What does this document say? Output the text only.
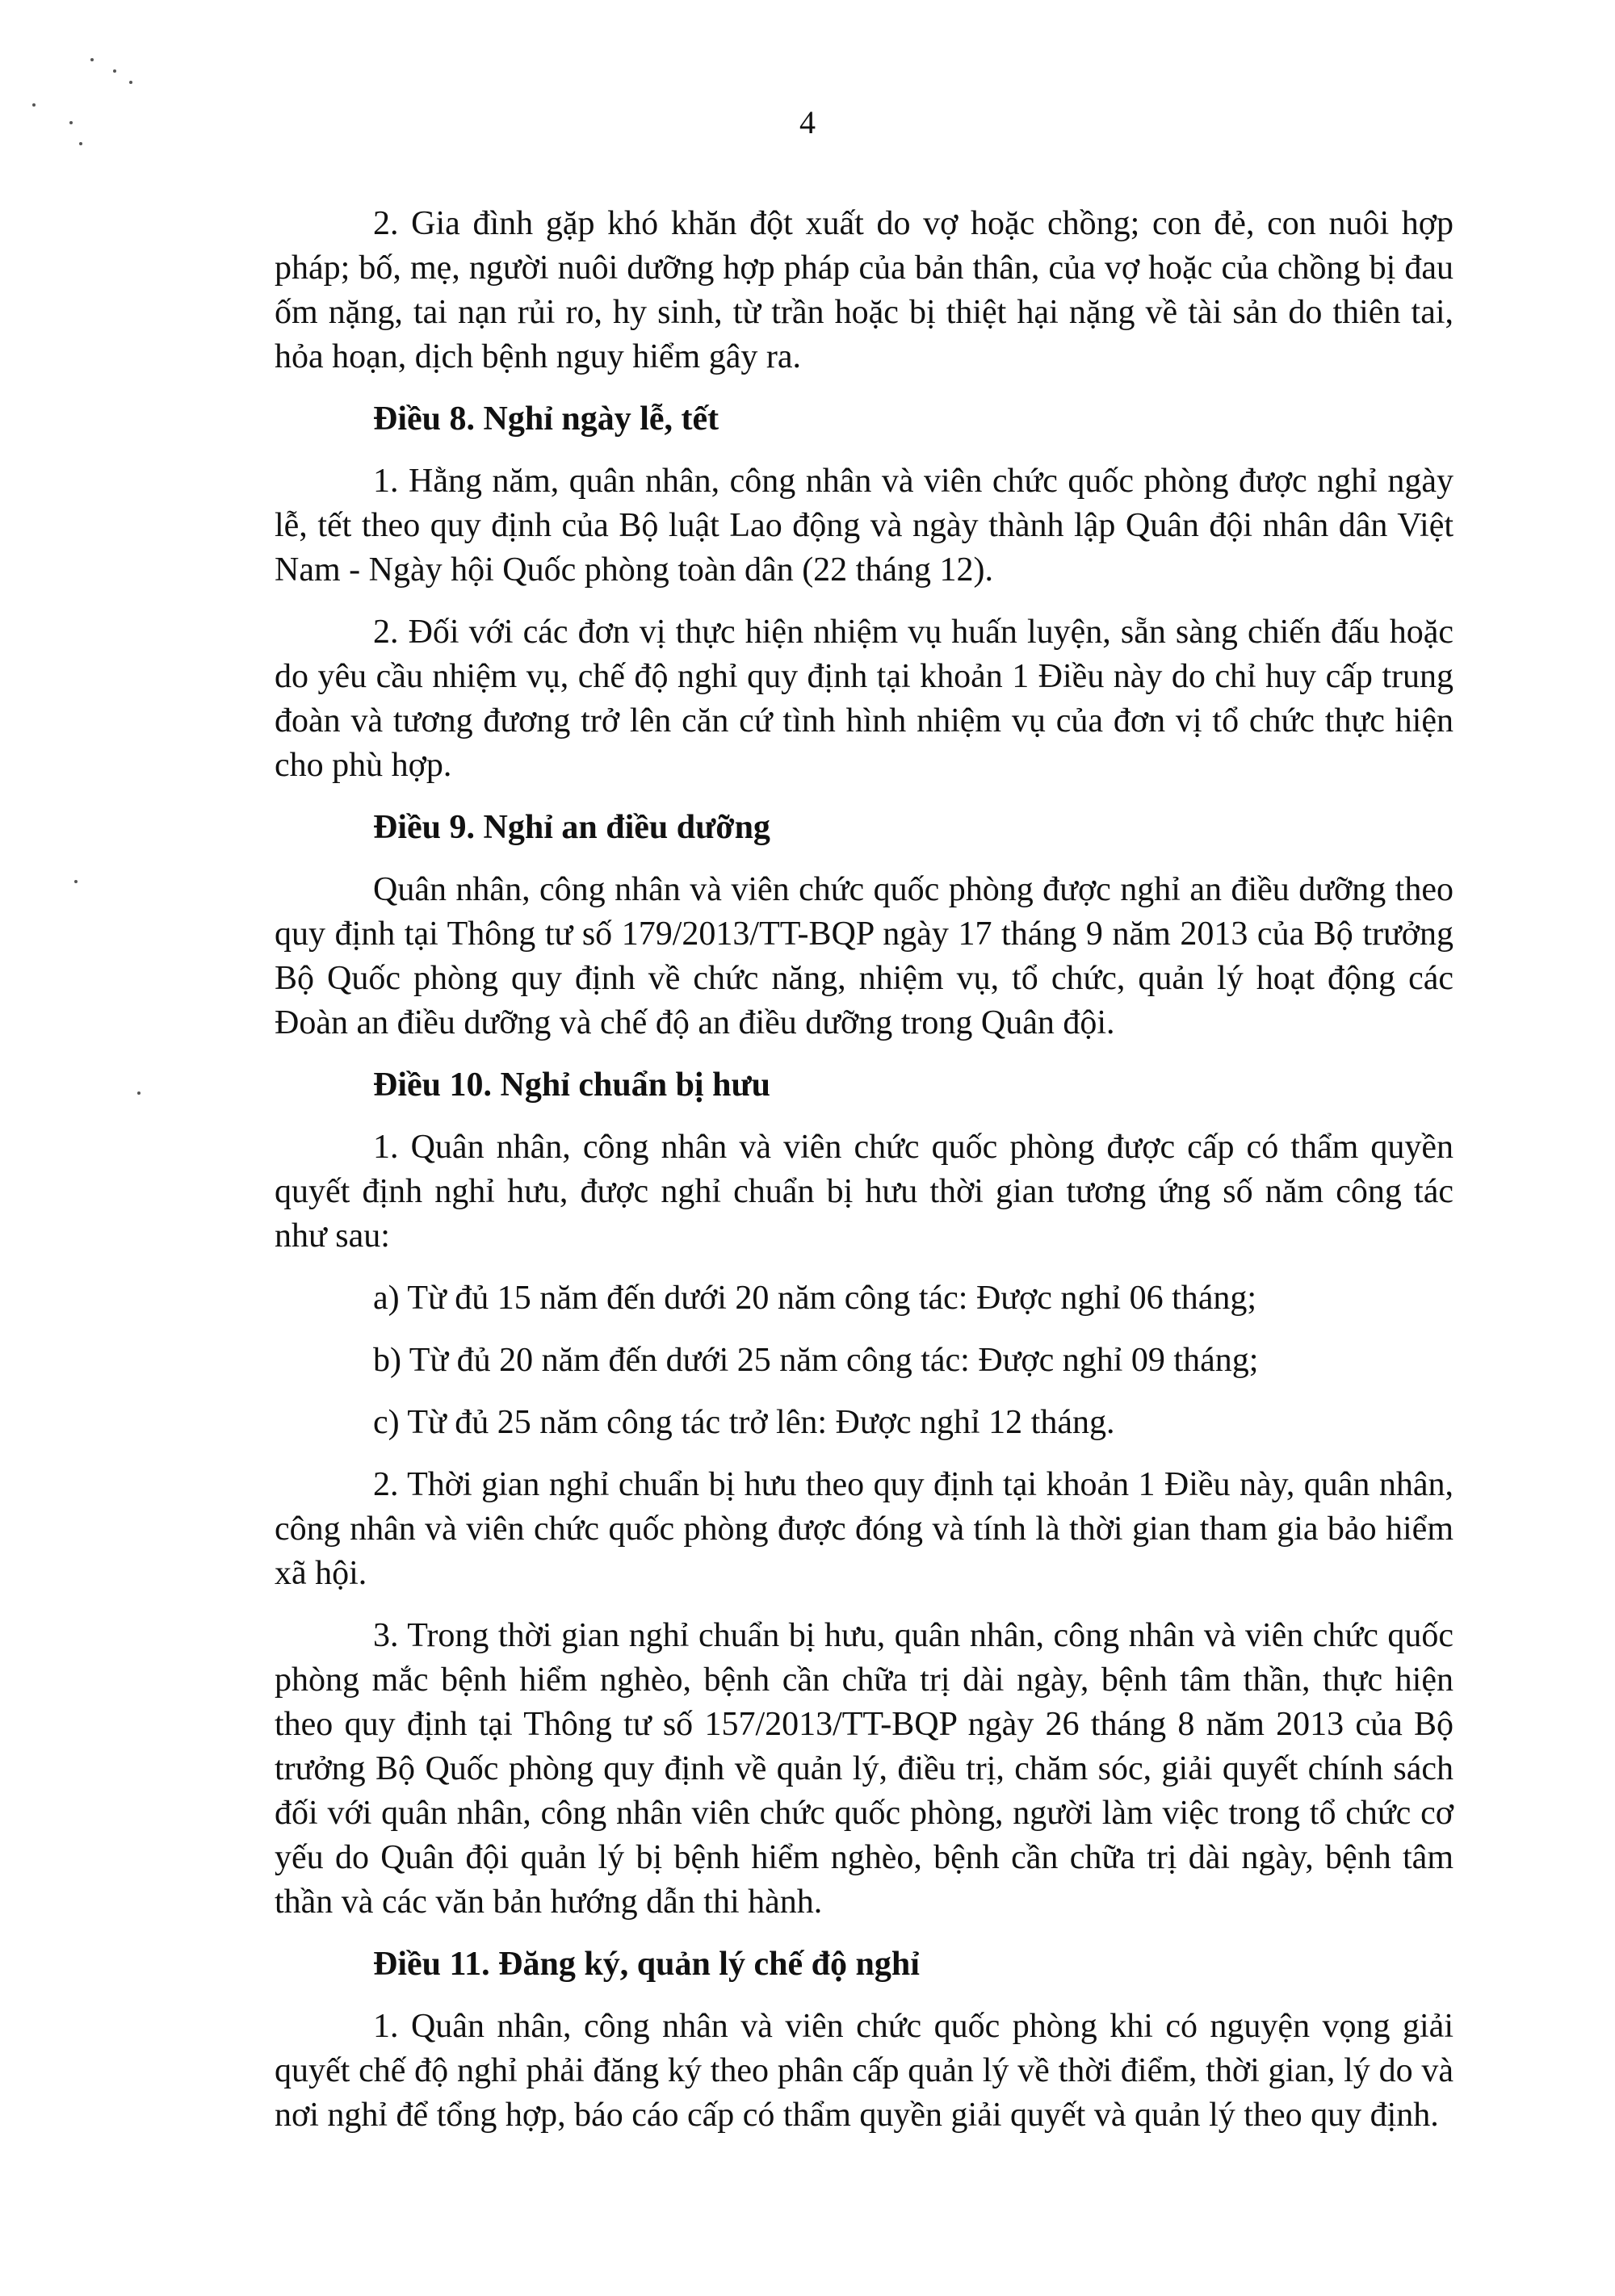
4

2. Gia đình gặp khó khăn đột xuất do vợ hoặc chồng; con đẻ, con nuôi hợp pháp; bố, mẹ, người nuôi dưỡng hợp pháp của bản thân, của vợ hoặc của chồng bị đau ốm nặng, tai nạn rủi ro, hy sinh, từ trần hoặc bị thiệt hại nặng về tài sản do thiên tai, hỏa hoạn, dịch bệnh nguy hiểm gây ra.

Điều 8. Nghỉ ngày lễ, tết

1. Hằng năm, quân nhân, công nhân và viên chức quốc phòng được nghỉ ngày lễ, tết theo quy định của Bộ luật Lao động và ngày thành lập Quân đội nhân dân Việt Nam - Ngày hội Quốc phòng toàn dân (22 tháng 12).

2. Đối với các đơn vị thực hiện nhiệm vụ huấn luyện, sẵn sàng chiến đấu hoặc do yêu cầu nhiệm vụ, chế độ nghỉ quy định tại khoản 1 Điều này do chỉ huy cấp trung đoàn và tương đương trở lên căn cứ tình hình nhiệm vụ của đơn vị tổ chức thực hiện cho phù hợp.

Điều 9. Nghỉ an điều dưỡng

Quân nhân, công nhân và viên chức quốc phòng được nghỉ an điều dưỡng theo quy định tại Thông tư số 179/2013/TT-BQP ngày 17 tháng 9 năm 2013 của Bộ trưởng Bộ Quốc phòng quy định về chức năng, nhiệm vụ, tổ chức, quản lý hoạt động các Đoàn an điều dưỡng và chế độ an điều dưỡng trong Quân đội.

Điều 10. Nghỉ chuẩn bị hưu

1. Quân nhân, công nhân và viên chức quốc phòng được cấp có thẩm quyền quyết định nghỉ hưu, được nghỉ chuẩn bị hưu thời gian tương ứng số năm công tác như sau:

a) Từ đủ 15 năm đến dưới 20 năm công tác: Được nghỉ 06 tháng;

b) Từ đủ 20 năm đến dưới 25 năm công tác: Được nghỉ 09 tháng;

c) Từ đủ 25 năm công tác trở lên: Được nghỉ 12 tháng.

2. Thời gian nghỉ chuẩn bị hưu theo quy định tại khoản 1 Điều này, quân nhân, công nhân và viên chức quốc phòng được đóng và tính là thời gian tham gia bảo hiểm xã hội.

3. Trong thời gian nghỉ chuẩn bị hưu, quân nhân, công nhân và viên chức quốc phòng mắc bệnh hiểm nghèo, bệnh cần chữa trị dài ngày, bệnh tâm thần, thực hiện theo quy định tại Thông tư số 157/2013/TT-BQP ngày 26 tháng 8 năm 2013 của Bộ trưởng Bộ Quốc phòng quy định về quản lý, điều trị, chăm sóc, giải quyết chính sách đối với quân nhân, công nhân viên chức quốc phòng, người làm việc trong tổ chức cơ yếu do Quân đội quản lý bị bệnh hiểm nghèo, bệnh cần chữa trị dài ngày, bệnh tâm thần và các văn bản hướng dẫn thi hành.

Điều 11. Đăng ký, quản lý chế độ nghỉ

1. Quân nhân, công nhân và viên chức quốc phòng khi có nguyện vọng giải quyết chế độ nghỉ phải đăng ký theo phân cấp quản lý về thời điểm, thời gian, lý do và nơi nghỉ để tổng hợp, báo cáo cấp có thẩm quyền giải quyết và quản lý theo quy định.
